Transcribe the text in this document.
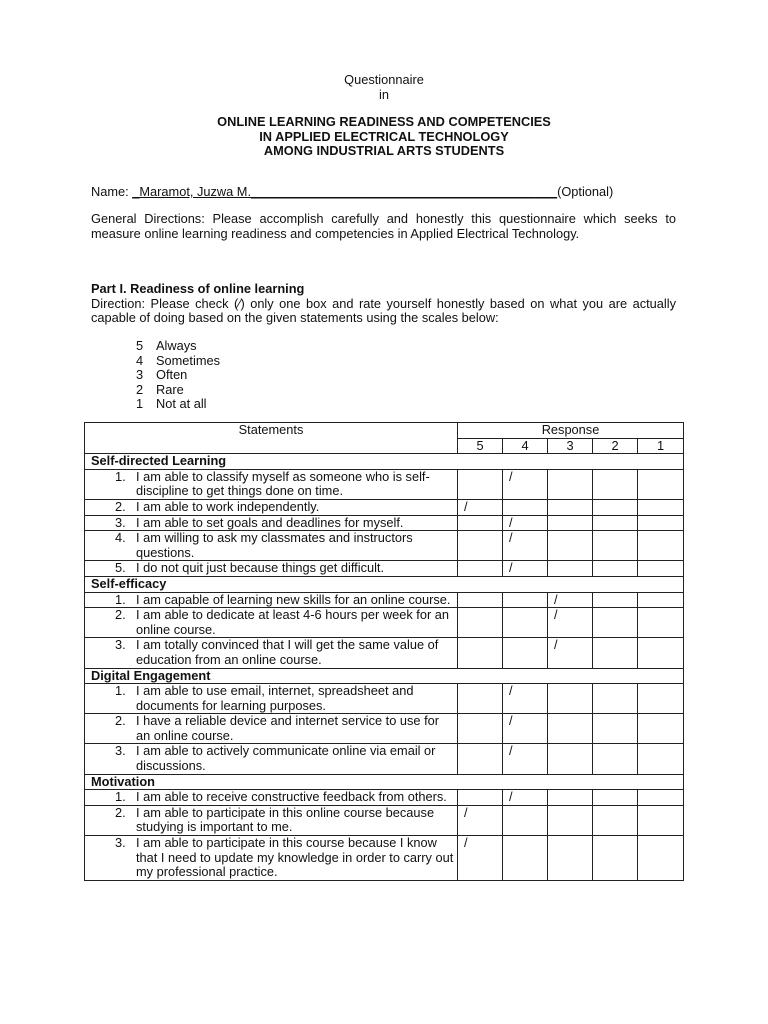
Questionnaire
in
ONLINE LEARNING READINESS AND COMPETENCIES
IN APPLIED ELECTRICAL TECHNOLOGY
AMONG INDUSTRIAL ARTS STUDENTS
Name: _Maramot, Juzwa M.___________________________________________(Optional)
General Directions: Please accomplish carefully and honestly this questionnaire which seeks to measure online learning readiness and competencies in Applied Electrical Technology.
Part I. Readiness of online learning
Direction: Please check (⁄) only one box and rate yourself honestly based on what you are actually capable of doing based on the given statements using the scales below:
5	Always
4	Sometimes
3	Often
2	Rare
1	Not at all
Statements	Response				
	5	4	3	2	1
Self-directed Learning					

1. I am able to classify myself as someone who is self-discipline to get things done on time.		/			

2. I am able to work independently.	/				

3. I am able to set goals and deadlines for myself.		/			

4. I am willing to ask my classmates and instructors questions.		/			

5. I do not quit just because things get difficult.		/			
Self-efficacy					

1. I am capable of learning new skills for an online course.			/		

2. I am able to dedicate at least 4-6 hours per week for an online course.			/		

3. I am totally convinced that I will get the same value of education from an online course.			/		
Digital Engagement					

1. I am able to use email, internet, spreadsheet and documents for learning purposes.		/			

2. I have a reliable device and internet service to use for an online course.		/			

3. I am able to actively communicate online via email or discussions.		/			
Motivation					

1. I am able to receive constructive feedback from others.		/			

2. I am able to participate in this online course because studying is important to me.	/				

3. I am able to participate in this course because I know that I need to update my knowledge in order to carry out my professional practice.	/				
